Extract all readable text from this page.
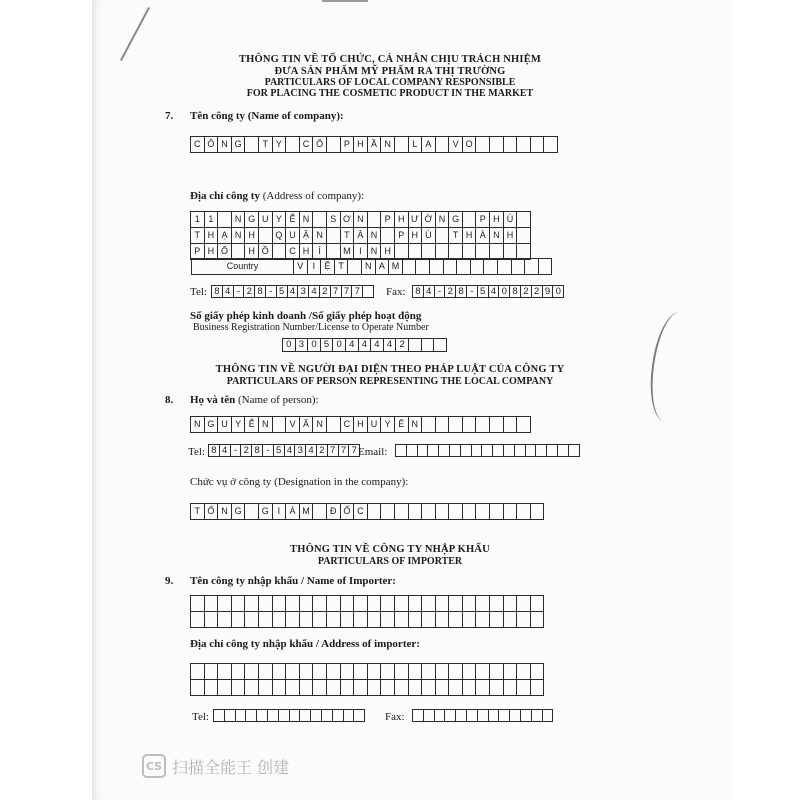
THÔNG TIN VỀ TỔ CHỨC, CÁ NHÂN CHỊU TRÁCH NHIỆM
ĐƯA SẢN PHẨM MỸ PHẨM RA THỊ TRƯỜNG
PARTICULARS OF LOCAL COMPANY RESPONSIBLE
FOR PLACING THE COSMETIC PRODUCT IN THE MARKET
7. Tên công ty (Name of company):
C Ô N G	T Y	C Ổ	P H Ầ N	L A	V O
Địa chỉ công ty (Address of company):
1 1	N G U Y Ễ N	S Ơ N	P H Ư Ờ N G	P H Ú
T H Ạ N H	Q U Ậ N	T Â N	P H Ú	T H À N H
P H Ố	H Ồ	C H	Í	M I	N H
Country	V	I	Ệ T	N A M
Tel: 8 4 - 2 8 - 5 4 3 4 2 7 7 7 Fax:	8 4 - 2 8 - 5 4 0 8 2 2 9 0
Số giấy phép kinh doanh /Số giấy phép hoạt động
Business Registration Number/License to Operate Number
0 3 0 5 0 4 4 4 4 2
THÔNG TIN VỀ NGƯỜI ĐẠI DIỆN THEO PHÁP LUẬT CỦA CÔNG TY
PARTICULARS OF PERSON REPRESENTING THE LOCAL COMPANY
8. Họ và tên (Name of person):
N G U Y Ễ N	V Ă N	C H U Y Ê N
Tel: 8 4 - 2 8 - 5 4 3 4 2 7 7 7 Email:
Chức vụ ở công ty (Designation in the company):
T Ổ N G	G I	Á M	Đ Ố C
THÔNG TIN VỀ CÔNG TY NHẬP KHẨU
PARTICULARS OF IMPORTER
9. Tên công ty nhập khẩu / Name of Importer:
Địa chỉ công ty nhập khẩu / Address of importer:
Tel:	Fax:
CS 扫描全能王 创建
